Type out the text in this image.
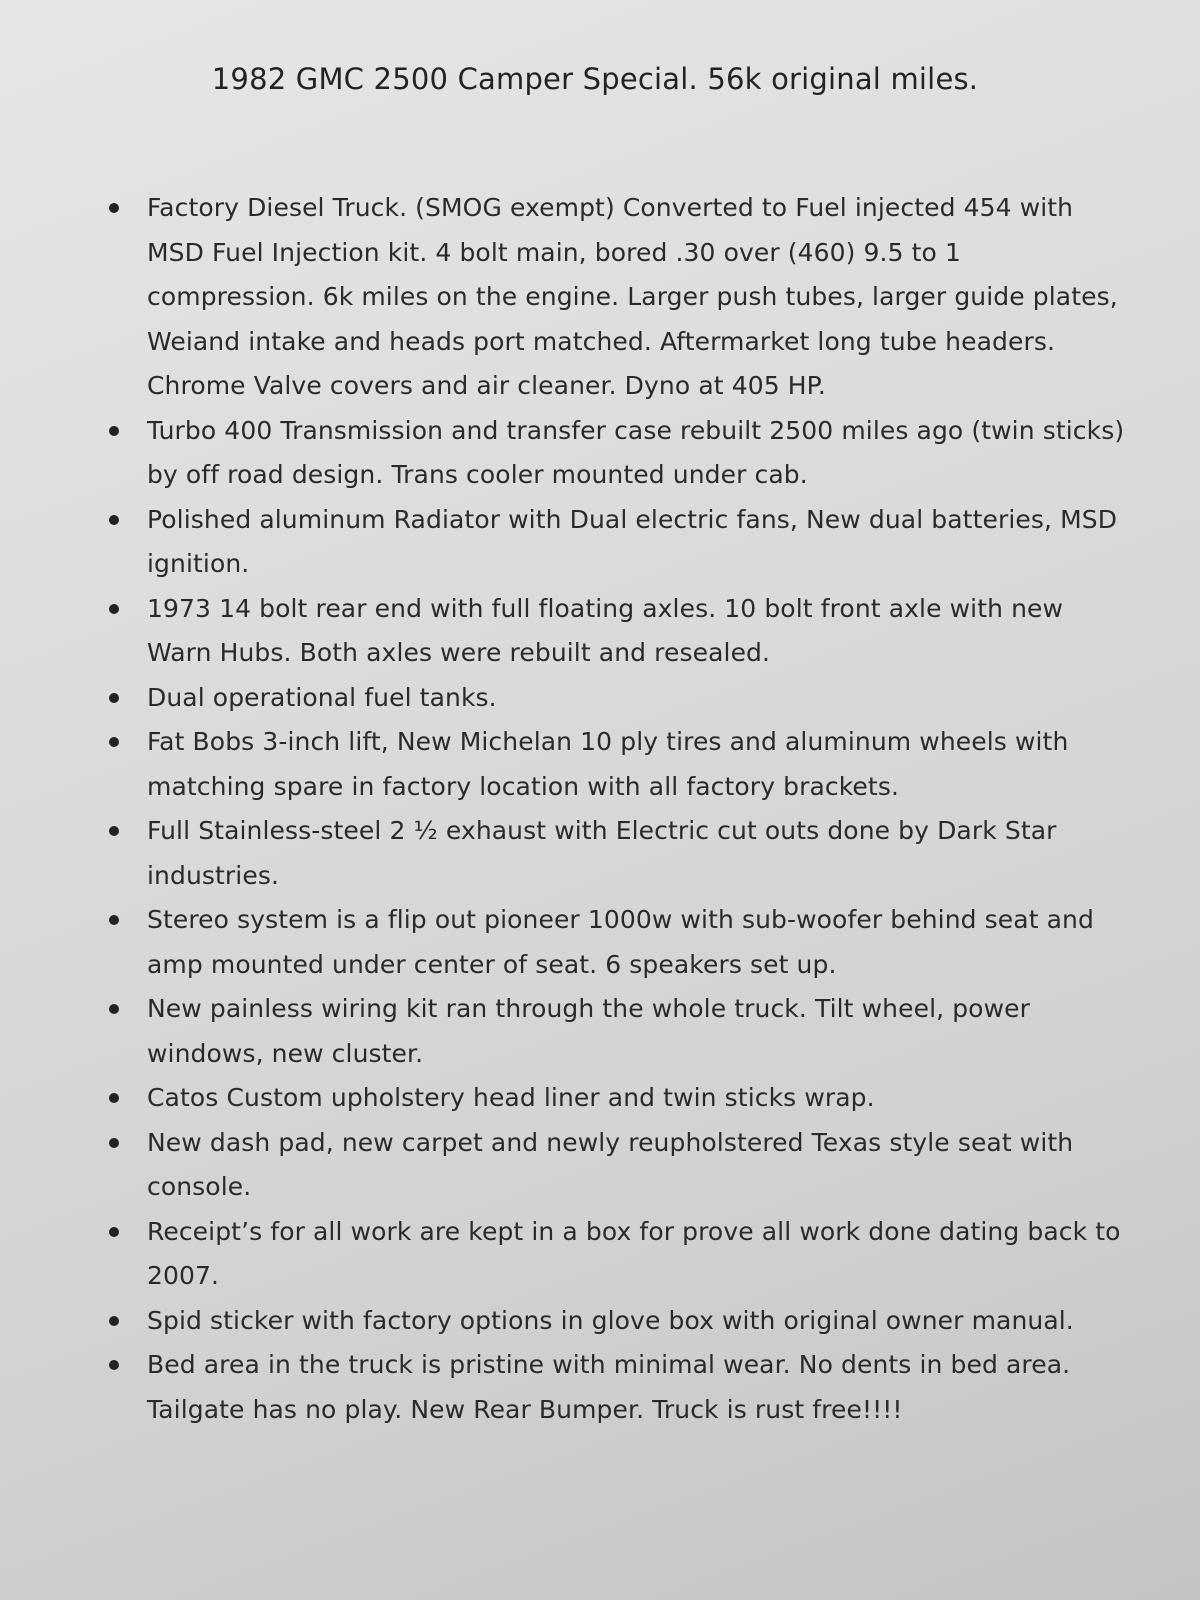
1982 GMC 2500 Camper Special. 56k original miles.
Factory Diesel Truck. (SMOG exempt) Converted to Fuel injected 454 with MSD Fuel Injection kit. 4 bolt main, bored .30 over (460) 9.5 to 1 compression. 6k miles on the engine. Larger push tubes, larger guide plates, Weiand intake and heads port matched. Aftermarket long tube headers. Chrome Valve covers and air cleaner. Dyno at 405 HP.
Turbo 400 Transmission and transfer case rebuilt 2500 miles ago (twin sticks) by off road design. Trans cooler mounted under cab.
Polished aluminum Radiator with Dual electric fans, New dual batteries, MSD ignition.
1973 14 bolt rear end with full floating axles. 10 bolt front axle with new Warn Hubs. Both axles were rebuilt and resealed.
Dual operational fuel tanks.
Fat Bobs 3-inch lift, New Michelan 10 ply tires and aluminum wheels with matching spare in factory location with all factory brackets.
Full Stainless-steel 2 ½ exhaust with Electric cut outs done by Dark Star industries.
Stereo system is a flip out pioneer 1000w with sub-woofer behind seat and amp mounted under center of seat. 6 speakers set up.
New painless wiring kit ran through the whole truck. Tilt wheel, power windows, new cluster.
Catos Custom upholstery head liner and twin sticks wrap.
New dash pad, new carpet and newly reupholstered Texas style seat with console.
Receipt’s for all work are kept in a box for prove all work done dating back to 2007.
Spid sticker with factory options in glove box with original owner manual.
Bed area in the truck is pristine with minimal wear. No dents in bed area. Tailgate has no play. New Rear Bumper. Truck is rust free!!!!
